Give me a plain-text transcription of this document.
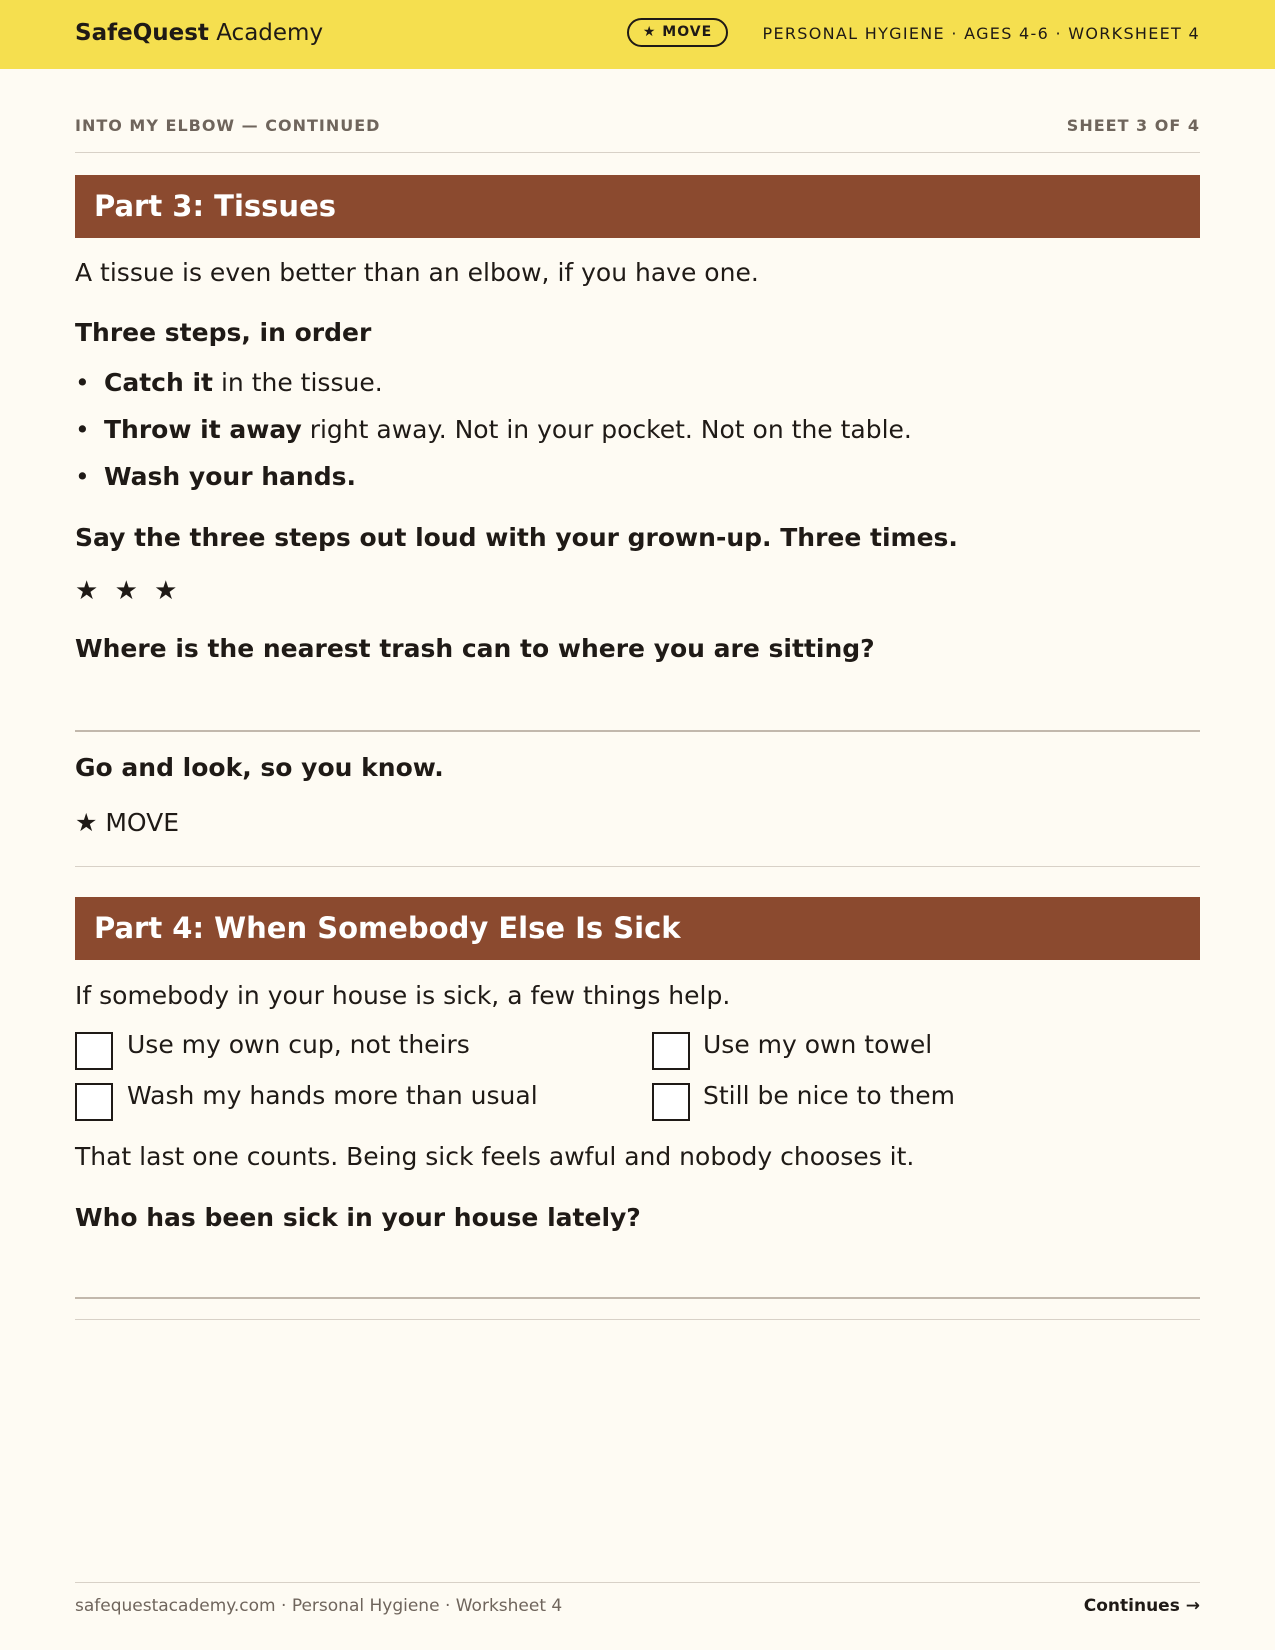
SafeQuest Academy	★ MOVE	PERSONAL HYGIENE · AGES 4-6 · WORKSHEET 4
INTO MY ELBOW — CONTINUED	SHEET 3 OF 4
Part 3: Tissues
A tissue is even better than an elbow, if you have one.
Three steps, in order
• Catch it in the tissue.
• Throw it away right away. Not in your pocket. Not on the table.
• Wash your hands.
Say the three steps out loud with your grown-up. Three times.
★ ★ ★
Where is the nearest trash can to where you are sitting?
Go and look, so you know.
★ MOVE
Part 4: When Somebody Else Is Sick
If somebody in your house is sick, a few things help.
Use my own cup, not theirs	Use my own towel
Wash my hands more than usual	Still be nice to them
That last one counts. Being sick feels awful and nobody chooses it.
Who has been sick in your house lately?
safequestacademy.com · Personal Hygiene · Worksheet 4	Continues →
